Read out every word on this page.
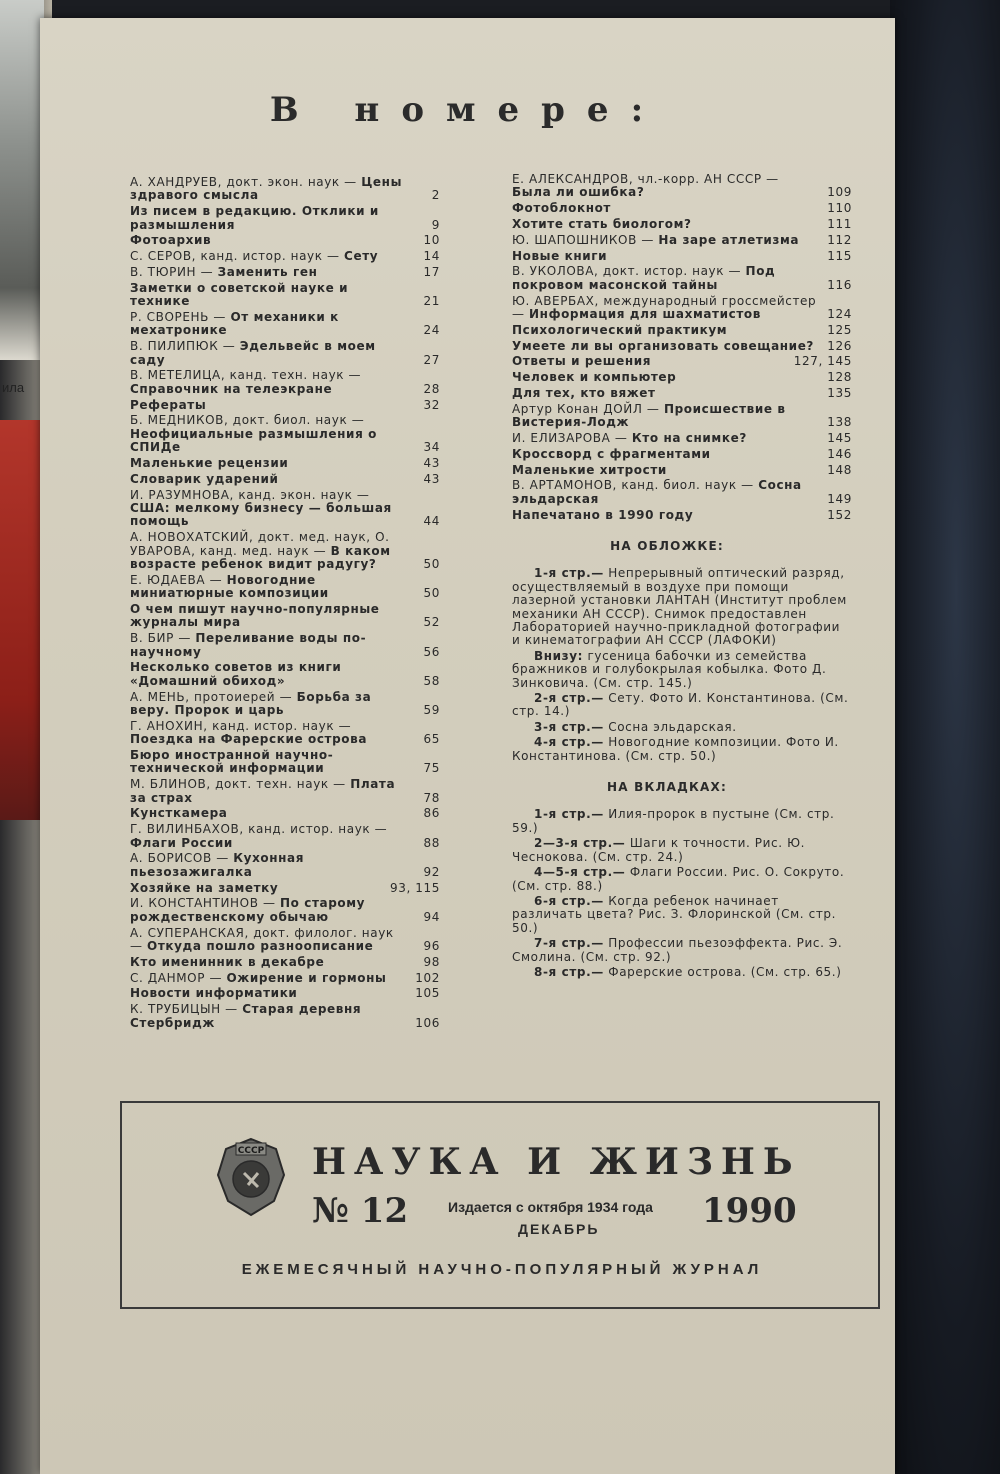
ила
В номере:
А. ХАНДРУЕВ, докт. экон. наук — Цены здравого смысла	2
Из писем в редакцию. Отклики и размышления	9
Фотоархив	10
С. СЕРОВ, канд. истор. наук — Сету	14
В. ТЮРИН — Заменить ген	17
Заметки о советской науке и технике	21
Р. СВОРЕНЬ — От механики к мехатронике	24
В. ПИЛИПЮК — Эдельвейс в моем саду	27
В. МЕТЕЛИЦА, канд. техн. наук — Справочник на телеэкране	28
Рефераты	32
Б. МЕДНИКОВ, докт. биол. наук — Неофициальные размышления о СПИДе	34
Маленькие рецензии	43
Словарик ударений	43
И. РАЗУМНОВА, канд. экон. наук — США: мелкому бизнесу — большая помощь	44
А. НОВОХАТСКИЙ, докт. мед. наук, О. УВАРОВА, канд. мед. наук — В каком возрасте ребенок видит радугу?	50
Е. ЮДАЕВА — Новогодние миниатюрные композиции	50
О чем пишут научно-популярные журналы мира	52
В. БИР — Переливание воды по-научному	56
Несколько советов из книги «Домашний обиход»	58
А. МЕНЬ, протоиерей — Борьба за веру. Пророк и царь	59
Г. АНОХИН, канд. истор. наук — Поездка на Фарерские острова	65
Бюро иностранной научно-технической информации	75
М. БЛИНОВ, докт. техн. наук — Плата за страх	78
Кунсткамера	86
Г. ВИЛИНБАХОВ, канд. истор. наук — Флаги России	88
А. БОРИСОВ — Кухонная пьезозажигалка	92
Хозяйке на заметку	93, 115
И. КОНСТАНТИНОВ — По старому рождественскому обычаю	94
А. СУПЕРАНСКАЯ, докт. филолог. наук — Откуда пошло разноописание	96
Кто именинник в декабре	98
С. ДАНМОР — Ожирение и гормоны 102
Новости информатики	105
К. ТРУБИЦЫН — Старая деревня Стербридж	106
Е. АЛЕКСАНДРОВ, чл.-корр. АН СССР — Была ли ошибка?	109
Фотоблокнот	110
Хотите стать биологом?	111
Ю. ШАПОШНИКОВ — На заре атлетизма 112
Новые книги	115
В. УКОЛОВА, докт. истор. наук — Под покровом масонской тайны	116
Ю. АВЕРБАХ, международный гроссмейстер — Информация для шахматистов	124
Психологический практикум	125
Умеете ли вы организовать совещание? 126
Ответы и решения	127, 145
Человек и компьютер	128
Для тех, кто вяжет	135
Артур Конан ДОЙЛ — Происшествие в Вистерия-Лодж	138
И. ЕЛИЗАРОВА — Кто на снимке?	145
Кроссворд с фрагментами	146
Маленькие хитрости	148
В. АРТАМОНОВ, канд. биол. наук — Сосна эльдарская	149
Напечатано в 1990 году	152
НА ОБЛОЖКЕ:
1-я стр.— Непрерывный оптический разряд, осуществляемый в воздухе при помощи лазерной установки ЛАНТАН (Институт проблем механики АН СССР). Снимок предоставлен Лабораторией научно-прикладной фотографии и кинематографии АН СССР (ЛАФОКИ)
Внизу: гусеница бабочки из семейства бражников и голубокрылая кобылка. Фото Д. Зинковича. (См. стр. 145.)
2-я стр.— Сету. Фото И. Константинова. (См. стр. 14.)
3-я стр.— Сосна эльдарская.
4-я стр.— Новогодние композиции. Фото И. Константинова. (См. стр. 50.)
НА ВКЛАДКАХ:
1-я стр.— Илия-пророк в пустыне (См. стр. 59.)
2—3-я стр.— Шаги к точности. Рис. Ю. Чеснокова. (См. стр. 24.)
4—5-я стр.— Флаги России. Рис. О. Сокруто. (См. стр. 88.)
6-я стр.— Когда ребенок начинает различать цвета? Рис. З. Флоринской (См. стр. 50.)
7-я стр.— Профессии пьезоэффекта. Рис. Э. Смолина. (См. стр. 92.)
8-я стр.— Фарерские острова. (См. стр. 65.)
СССР НАУКА И ЖИЗНЬ
№ 12	Издается с октября 1934 года
ДЕКАБРЬ	1990
ЕЖЕМЕСЯЧНЫЙ НАУЧНО-ПОПУЛЯРНЫЙ ЖУРНАЛ
